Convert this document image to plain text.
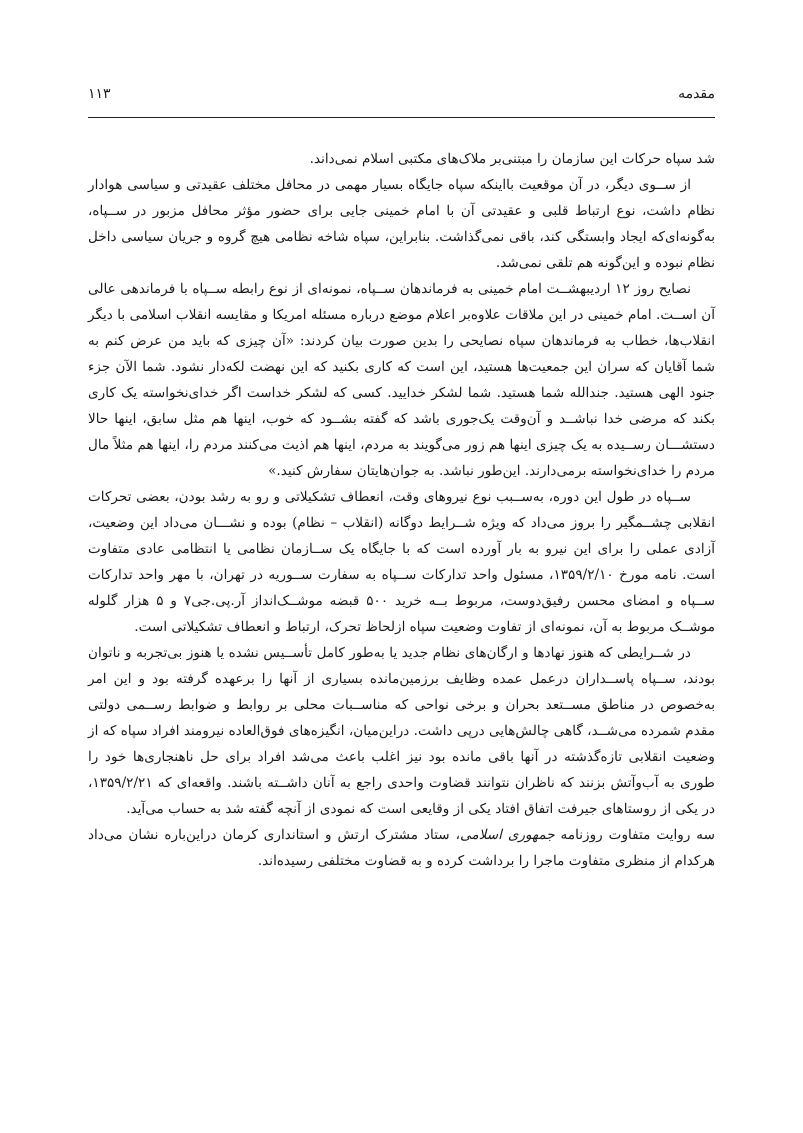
مقدمه
۱۱۳

شد سپاه حرکات این سازمان را مبتنی‌بر ملاک‌های مکتبی اسلام نمی‌داند.

از ســوی دیگر، در آن موقعیت بااینکه سپاه جایگاه بسیار مهمی در محافل مختلف عقیدتی و سیاسی هوادار نظام داشت، نوع ارتباط قلبی و عقیدتی آن با امام خمینی جایی برای حضور مؤثر محافل مزبور در ســپاه، به‌گونه‌ای‌که ایجاد وابستگی کند، باقی نمی‌گذاشت. بنابراین، سپاه شاخه نظامی هیچ گروه و جریان سیاسی داخل نظام نبوده و این‌گونه هم تلقی نمی‌شد.

نصایح روز ۱۲ اردیبهشــت امام خمینی به فرماندهان ســپاه، نمونه‌ای از نوع رابطه ســپاه با فرماندهی عالی آن اســت. امام خمینی در این ملاقات علاوه‌بر اعلام موضع درباره مسئله امریکا و مقایسه انقلاب اسلامی با دیگر انقلاب‌ها، خطاب به فرماندهان سپاه نصایحی را بدین صورت بیان کردند: «آن چیزی که باید من عرض کنم به شما آقایان که سران این جمعیت‌ها هستید، این است که کاری بکنید که این نهضت لکه‌دار نشود. شما الآن جزء جنود الهی هستید. جندالله شما هستید. شما لشکر خدایید. کسی که لشکر خداست اگر خدای‌نخواسته یک کاری بکند که مرضی خدا نباشــد و آن‌وقت یک‌جوری باشد که گفته بشــود که خوب، اینها هم مثل سابق، اینها حالا دستشـــان رســیده به یک چیزی اینها هم زور می‌گویند به مردم، اینها هم اذیت می‌کنند مردم را، اینها هم مثلاً مال مردم را خدای‌نخواسته برمی‌دارند. این‌طور نباشد. به جوان‌هایتان سفارش کنید.»

ســپاه در طول این دوره، به‌ســبب نوع نیروهای وقت، انعطاف تشکیلاتی و رو به رشد بودن، بعضی تحرکات انقلابی چشــمگیر را بروز می‌داد که ویژه شــرایط دوگانه (انقلاب – نظام) بوده و نشـــان می‌داد این وضعیت، آزادی عملی را برای این نیرو به بار آورده است که با جایگاه یک ســازمان نظامی یا انتظامی عادی متفاوت است. نامه مورخ ۱۳۵۹/۲/۱۰، مسئول واحد تدارکات ســپاه به سفارت ســوریه در تهران، با مهر واحد تدارکات ســپاه و امضای محسن رفیق‌دوست، مربوط بــه خرید ۵۰۰ قبضه موشــک‌انداز آر.پی.جی۷ و ۵ هزار گلوله موشــک مربوط به آن، نمونه‌ای از تفاوت وضعیت سپاه ازلحاظ تحرک، ارتباط و انعطاف تشکیلاتی است.

در شــرایطی که هنوز نهادها و ارگان‌های نظام جدید یا به‌طور کامل تأســیس نشده یا هنوز بی‌تجربه و ناتوان بودند، ســپاه پاســداران درعمل عمده وظایف برزمین‌مانده بسیاری از آنها را برعهده گرفته بود و این امر به‌خصوص در مناطق مســتعد بحران و برخی نواحی که مناســبات محلی بر روابط و ضوابط رســمی دولتی مقدم شمرده می‌شــد، گاهی چالش‌هایی درپی داشت. دراین‌میان، انگیزه‌های فوق‌العاده نیرومند افراد سپاه که از وضعیت انقلابی تازه‌گذشته در آنها باقی مانده بود نیز اغلب باعث می‌شد افراد برای حل ناهنجاری‌ها خود را طوری به آب‌وآتش بزنند که ناظران نتوانند قضاوت واحدی راجع به آنان داشــته باشند. واقعه‌ای که ۱۳۵۹/۲/۲۱، در یکی از روستاهای جیرفت اتفاق افتاد یکی از وقایعی است که نمودی از آنچه گفته شد به حساب می‌آید.

سه روایت متفاوت روزنامه جمهوری اسلامی، ستاد مشترک ارتش و استانداری کرمان دراین‌باره نشان می‌داد هرکدام از منظری متفاوت ماجرا را برداشت کرده و به قضاوت مختلفی رسیده‌اند.
